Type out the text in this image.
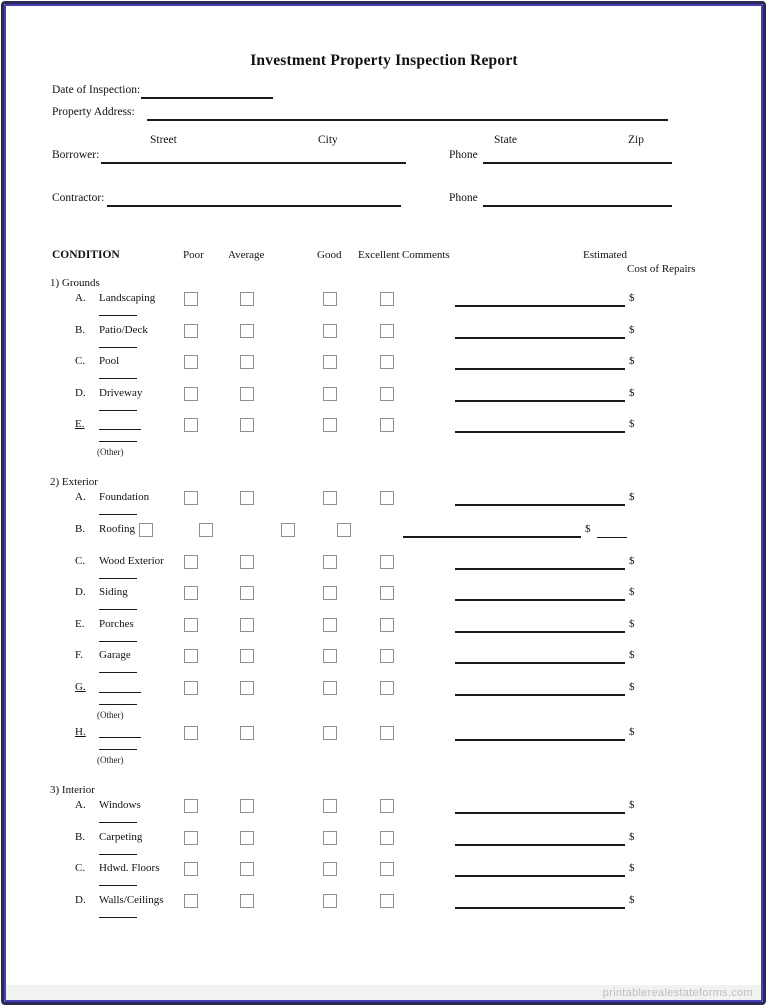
Investment Property Inspection Report
Date of Inspection:
Property Address:
Street	City	State	Zip
Borrower:	Phone
Contractor:	Phone
CONDITION	Poor Average	Good Excellent Comments	Estimated
Cost of Repairs
1) Grounds
A. Landscaping	$
B. Patio/Deck	$
C. Pool	$
D. Driveway	$
E.	$
(Other)
2) Exterior
A. Foundation	$
B. Roofing	$
C. Wood Exterior	$
D. Siding	$
E. Porches	$
F. Garage	$
G.	$
(Other)
H.	$
(Other)
3) Interior
A. Windows	$
B. Carpeting	$
C. Hdwd. Floors	$
D. Walls/Ceilings	$
printablerealestateforms.com
